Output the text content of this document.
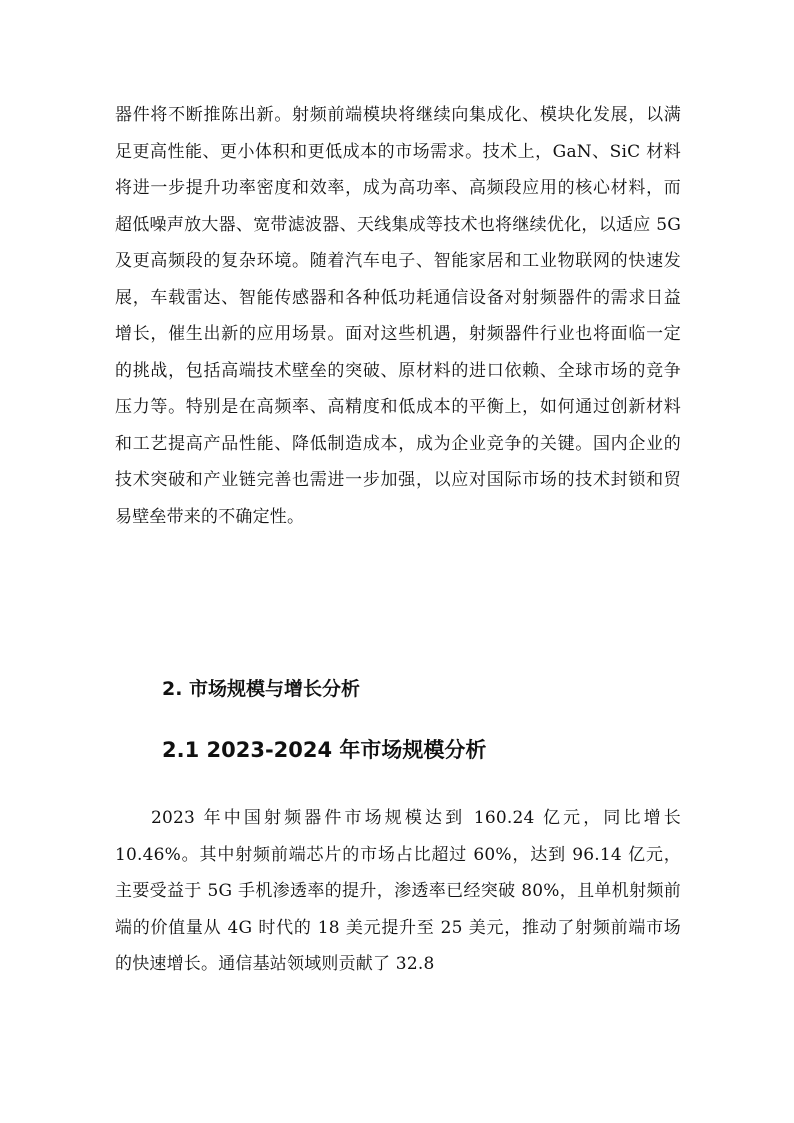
器件将不断推陈出新。射频前端模块将继续向集成化、模块化发展，以满足更高性能、更小体积和更低成本的市场需求。技术上，GaN、SiC 材料将进一步提升功率密度和效率，成为高功率、高频段应用的核心材料，而超低噪声放大器、宽带滤波器、天线集成等技术也将继续优化，以适应 5G 及更高频段的复杂环境。随着汽车电子、智能家居和工业物联网的快速发展，车载雷达、智能传感器和各种低功耗通信设备对射频器件的需求日益增长，催生出新的应用场景。面对这些机遇，射频器件行业也将面临一定的挑战，包括高端技术壁垒的突破、原材料的进口依赖、全球市场的竞争压力等。特别是在高频率、高精度和低成本的平衡上，如何通过创新材料和工艺提高产品性能、降低制造成本，成为企业竞争的关键。国内企业的技术突破和产业链完善也需进一步加强，以应对国际市场的技术封锁和贸易壁垒带来的不确定性。

2. 市场规模与增长分析
2.1 2023-2024 年市场规模分析

2023 年中国射频器件市场规模达到 160.24 亿元，同比增长 10.46%。其中射频前端芯片的市场占比超过 60%，达到 96.14 亿元，主要受益于 5G 手机渗透率的提升，渗透率已经突破 80%，且单机射频前端的价值量从 4G 时代的 18 美元提升至 25 美元，推动了射频前端市场的快速增长。通信基站领域则贡献了 32.8
